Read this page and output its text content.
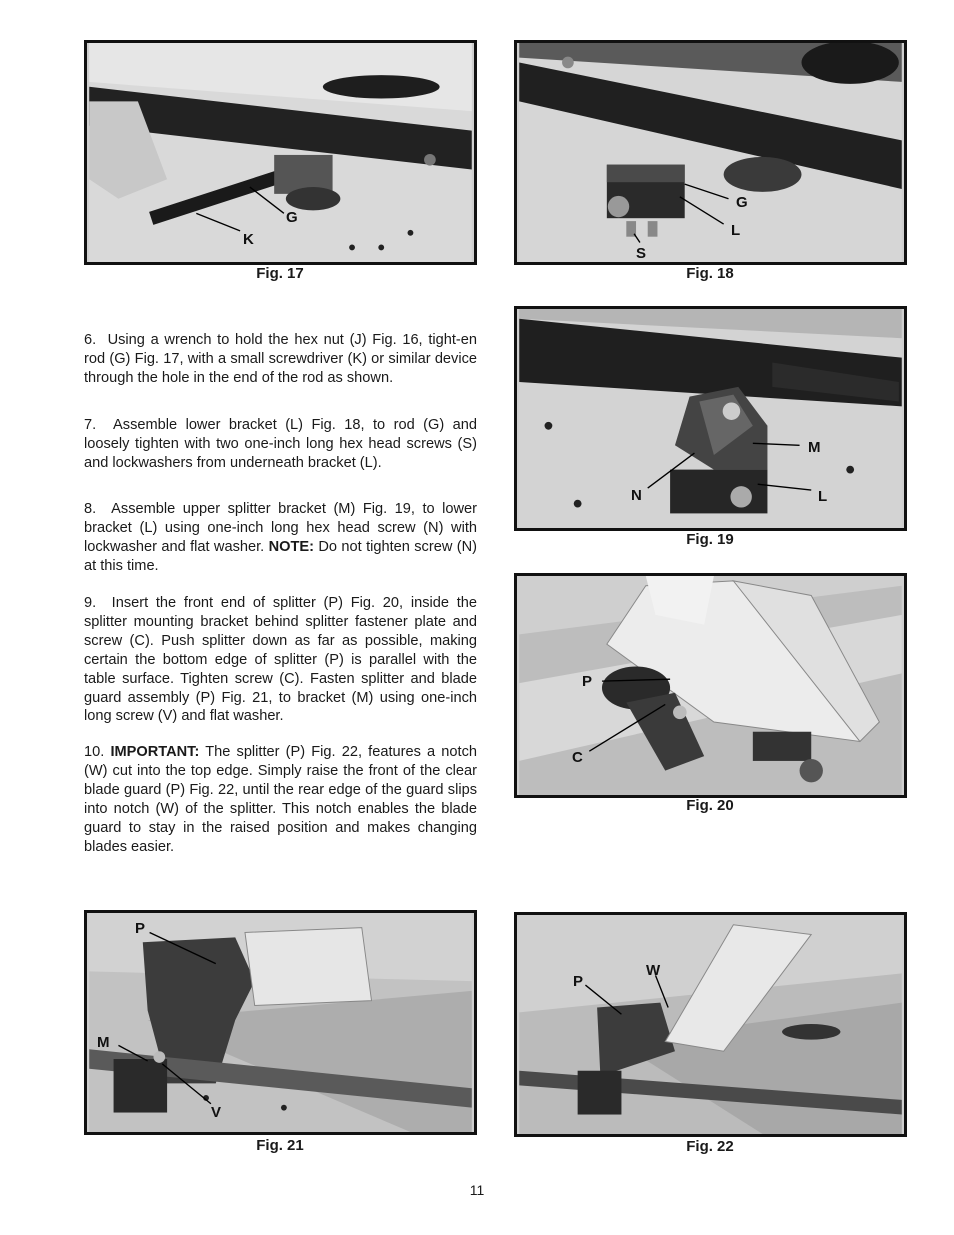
G
K
Fig. 17
G
L
S
Fig. 18

6.  Using a wrench to hold the hex nut (J) Fig. 16, tight-en rod (G) Fig. 17, with a small screwdriver (K) or similar device through the hole in the end of the rod as shown.

7.  Assemble lower bracket (L) Fig. 18, to rod (G) and loosely tighten with two one-inch long hex head screws (S) and lockwashers from underneath bracket (L).

8.  Assemble upper splitter bracket (M) Fig. 19, to lower bracket (L) using one-inch long hex head screw (N) with lockwasher and flat washer. NOTE: Do not tighten screw (N) at this time.

9.  Insert the front end of splitter (P) Fig. 20, inside the splitter mounting bracket behind splitter fastener plate and screw (C). Push splitter down as far as possible, making certain the bottom edge of splitter (P) is parallel with the table surface. Tighten screw (C). Fasten splitter and blade guard assembly (P) Fig. 21, to bracket (M) using one-inch long screw (V) and flat washer.

10. IMPORTANT: The splitter (P) Fig. 22, features a notch (W) cut into the top edge. Simply raise the front of the clear blade guard (P) Fig. 22, until the rear edge of the guard slips into notch (W) of the splitter. This notch enables the blade guard to stay in the raised position and makes changing blades easier.

M
N	L
Fig. 19
P
C
Fig. 20
P
M
V
Fig. 21
P
W
Fig. 22
11
